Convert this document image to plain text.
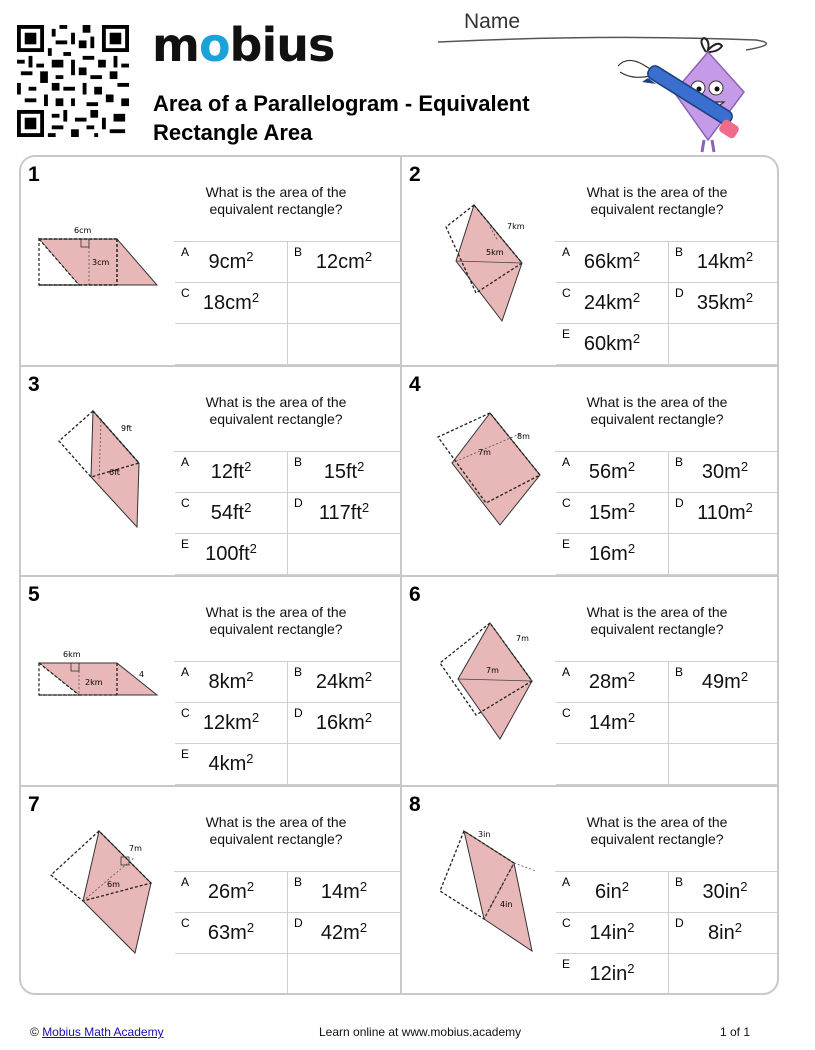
mobius
Area of a Parallelogram - Equivalent
Rectangle Area
Name
1
What is the area of the
equivalent rectangle?
6cm
3cm
A $9cm^2$	B $12cm^2$
C $18cm^2$
2
What is the area of the
equivalent rectangle?
7km
5km	A $66km^2$	B $14km^2$
C $24km^2$	D $35km^2$
E $60km^2$
3
What is the area of the
equivalent rectangle?
9ft
6ft
A	$12ft^2$	B	$15ft^2$
C	$54ft^2$	D $117ft^2$
E $100ft^2$
4
What is the area of the
equivalent rectangle?
8m
7m
A $56m^2$	B $30m^2$
C $15m^2$	D $110m^2$
E $16m^2$
5
What is the area of the
equivalent rectangle?
6km
2km
4	A $8km^2$	B $24km^2$
C $12km^2$	D $16km^2$
E $4km^2$
6
What is the area of the
equivalent rectangle?
7m
7m	A $28m^2$	B $49m^2$
C $14m^2$
7
What is the area of the
equivalent rectangle?
7m
6m	A $26m^2$	B $14m^2$
C $63m^2$	D $42m^2$
8
What is the area of the
equivalent rectangle?
3in
4in
A	$6in^2$	B $30in^2$
C $14in^2$	D	$8in^2$
E $12in^2$
© Mobius Math Academy	Learn online at www.mobius.academy	1 of 1
